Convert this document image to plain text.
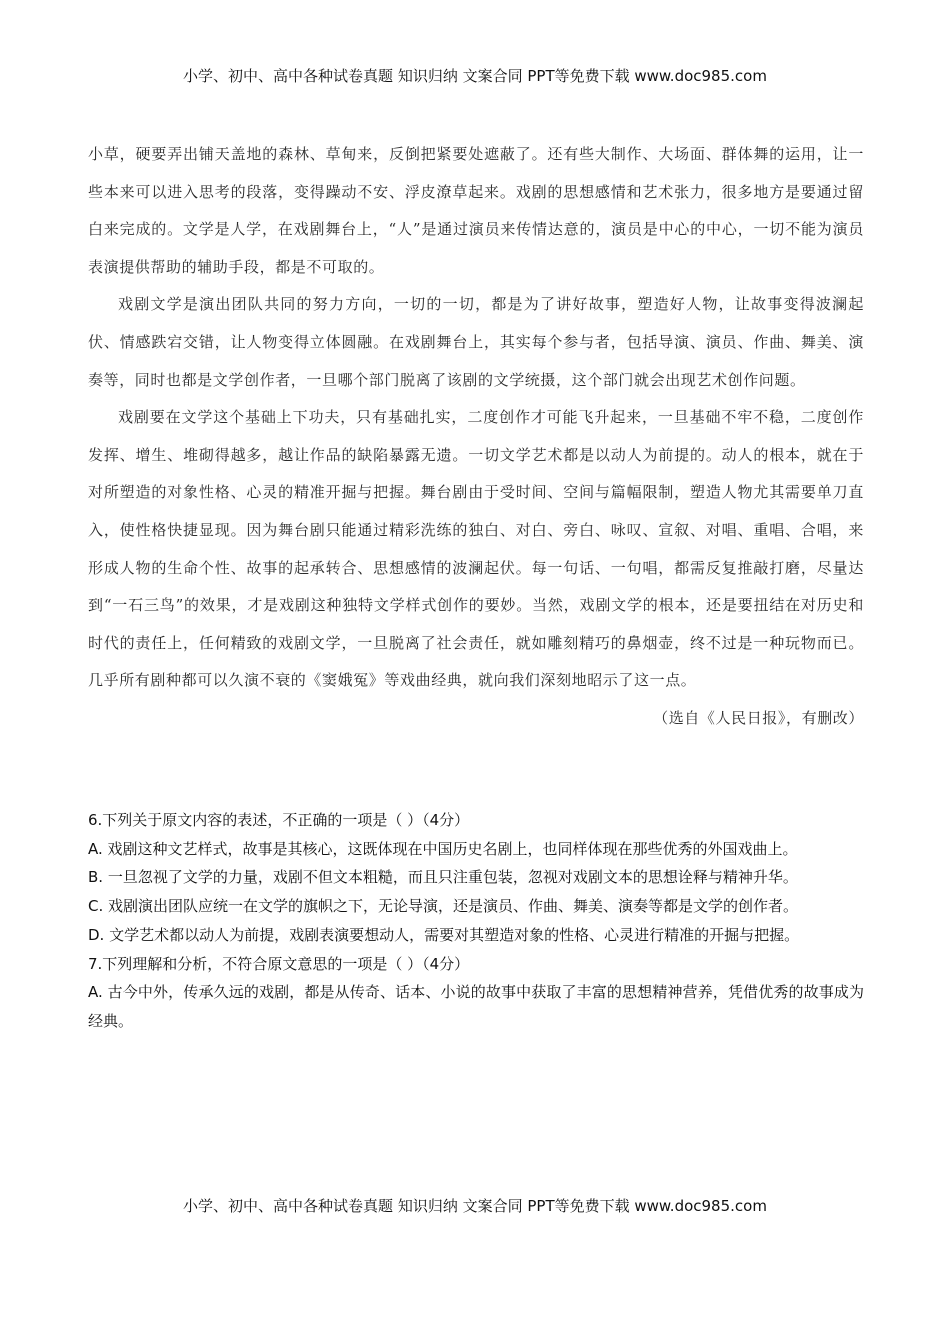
小学、初中、高中各种试卷真题 知识归纳 文案合同 PPT等免费下载 www.doc985.com

小草，硬要弄出铺天盖地的森林、草甸来，反倒把紧要处遮蔽了。还有些大制作、大场面、群体舞的运用，让一些本来可以进入思考的段落，变得躁动不安、浮皮潦草起来。戏剧的思想感情和艺术张力，很多地方是要通过留白来完成的。文学是人学，在戏剧舞台上，“人”是通过演员来传情达意的，演员是中心的中心，一切不能为演员表演提供帮助的辅助手段，都是不可取的。

戏剧文学是演出团队共同的努力方向，一切的一切，都是为了讲好故事，塑造好人物，让故事变得波澜起伏、情感跌宕交错，让人物变得立体圆融。在戏剧舞台上，其实每个参与者，包括导演、演员、作曲、舞美、演奏等，同时也都是文学创作者，一旦哪个部门脱离了该剧的文学统摄，这个部门就会出现艺术创作问题。

戏剧要在文学这个基础上下功夫，只有基础扎实，二度创作才可能飞升起来，一旦基础不牢不稳，二度创作发挥、增生、堆砌得越多，越让作品的缺陷暴露无遗。一切文学艺术都是以动人为前提的。动人的根本，就在于对所塑造的对象性格、心灵的精准开掘与把握。舞台剧由于受时间、空间与篇幅限制，塑造人物尤其需要单刀直入，使性格快捷显现。因为舞台剧只能通过精彩洗练的独白、对白、旁白、咏叹、宣叙、对唱、重唱、合唱，来形成人物的生命个性、故事的起承转合、思想感情的波澜起伏。每一句话、一句唱，都需反复推敲打磨，尽量达到“一石三鸟”的效果，才是戏剧这种独特文学样式创作的要妙。当然，戏剧文学的根本，还是要扭结在对历史和时代的责任上，任何精致的戏剧文学，一旦脱离了社会责任，就如雕刻精巧的鼻烟壶，终不过是一种玩物而已。几乎所有剧种都可以久演不衰的《窦娥冤》等戏曲经典，就向我们深刻地昭示了这一点。

（选自《人民日报》，有删改）

6.下列关于原文内容的表述，不正确的一项是（ ）（4分）

A. 戏剧这种文艺样式，故事是其核心，这既体现在中国历史名剧上，也同样体现在那些优秀的外国戏曲上。

B. 一旦忽视了文学的力量，戏剧不但文本粗糙，而且只注重包装，忽视对戏剧文本的思想诠释与精神升华。

C. 戏剧演出团队应统一在文学的旗帜之下，无论导演，还是演员、作曲、舞美、演奏等都是文学的创作者。

D. 文学艺术都以动人为前提，戏剧表演要想动人，需要对其塑造对象的性格、心灵进行精准的开掘与把握。

7.下列理解和分析，不符合原文意思的一项是（ ）（4分）

A. 古今中外，传承久远的戏剧，都是从传奇、话本、小说的故事中获取了丰富的思想精神营养，凭借优秀的故事成为经典。

小学、初中、高中各种试卷真题 知识归纳 文案合同 PPT等免费下载 www.doc985.com
